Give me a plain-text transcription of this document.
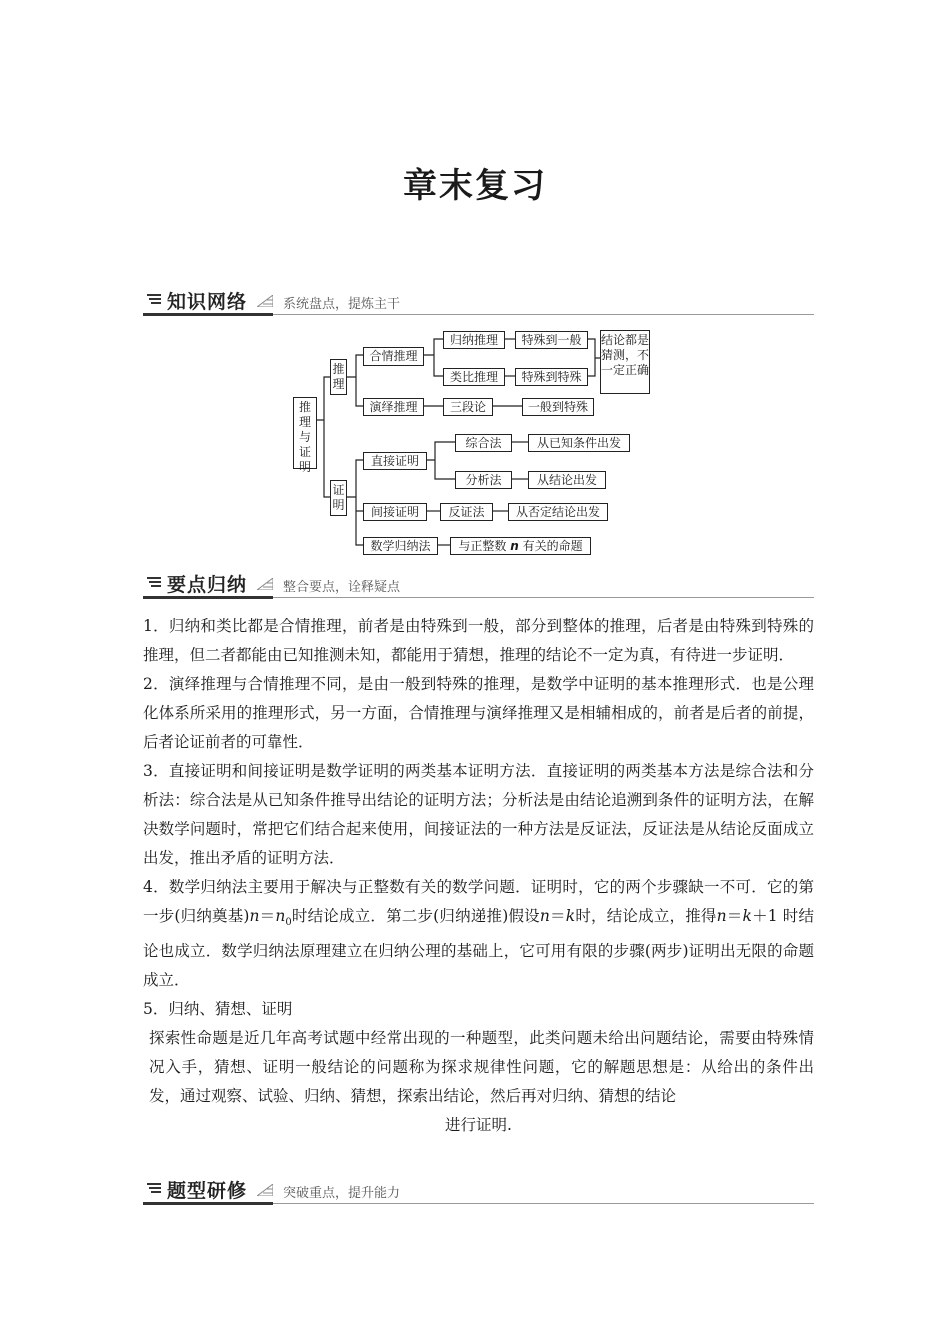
章末复习
知识网络	系统盘点，提炼主干
推理与证明
推理
证明
合情推理
归纳推理	特殊到一般
类比推理	特殊到特殊
结论都是猜测，不一定正确
演绎推理	三段论	一般到特殊
直接证明
综合法	从已知条件出发
分析法	从结论出发
间接证明	反证法	从否定结论出发
数学归纳法	与正整数 n 有关的命题
要点归纳	整合要点，诠释疑点

1．归纳和类比都是合情推理，前者是由特殊到一般，部分到整体的推理，后者是由特殊到特殊的推理，但二者都能由已知推测未知，都能用于猜想，推理的结论不一定为真，有待进一步证明．

2．演绎推理与合情推理不同，是由一般到特殊的推理，是数学中证明的基本推理形式．也是公理化体系所采用的推理形式，另一方面，合情推理与演绎推理又是相辅相成的，前者是后者的前提，后者论证前者的可靠性．

3．直接证明和间接证明是数学证明的两类基本证明方法．直接证明的两类基本方法是综合法和分析法：综合法是从已知条件推导出结论的证明方法；分析法是由结论追溯到条件的证明方法，在解决数学问题时，常把它们结合起来使用，间接证法的一种方法是反证法，反证法是从结论反面成立出发，推出矛盾的证明方法．

4．数学归纳法主要用于解决与正整数有关的数学问题．证明时，它的两个步骤缺一不可．它的第一步(归纳奠基)$n=n_0$时结论成立．第二步(归纳递推)假设n＝k时，结论成立，推得n＝k＋1 时结论也成立．数学归纳法原理建立在归纳公理的基础上，它可用有限的步骤(两步)证明出无限的命题成立．

5．归纳、猜想、证明

探索性命题是近几年高考试题中经常出现的一种题型，此类问题未给出问题结论，需要由特殊情况入手，猜想、证明一般结论的问题称为探求规律性问题，它的解题思想是：从给出的条件出发，通过观察、试验、归纳、猜想，探索出结论，然后再对归纳、猜想的结论

进行证明.

题型研修	突破重点，提升能力
